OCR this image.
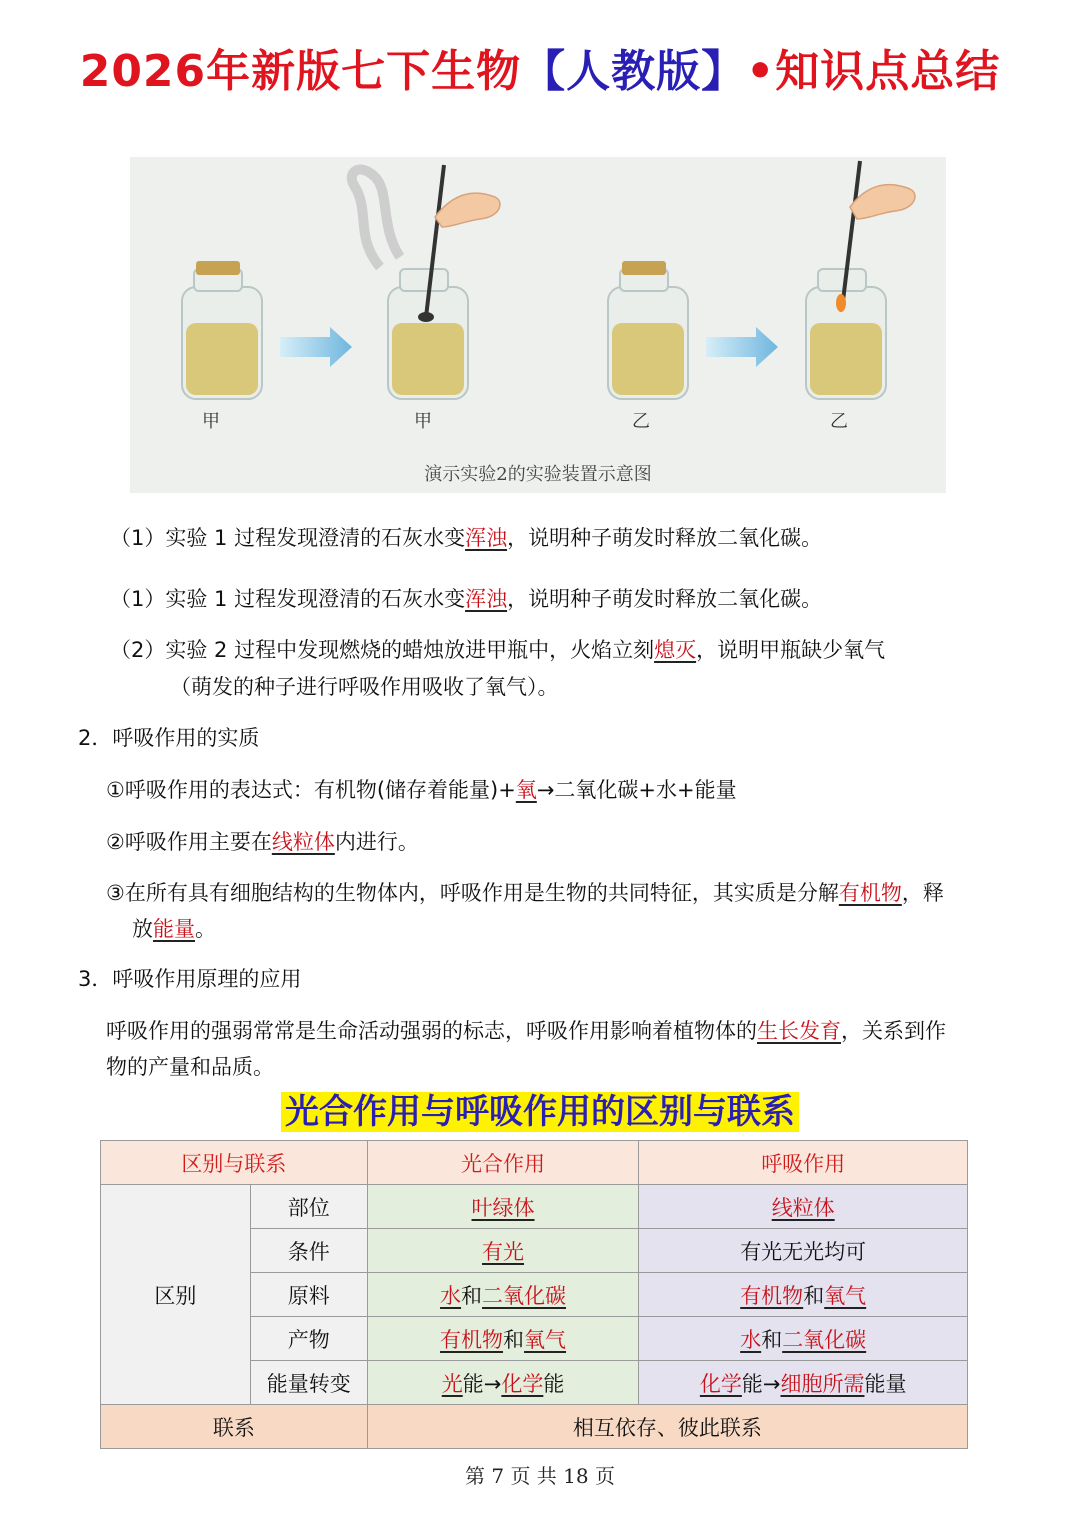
2026年新版七下生物【人教版】•知识点总结
甲	甲	乙	乙
演示实验2的实验装置示意图
（1）实验 1 过程发现澄清的石灰水变浑浊，说明种子萌发时释放二氧化碳。
（1）实验 1 过程发现澄清的石灰水变浑浊，说明种子萌发时释放二氧化碳。
（2）实验 2 过程中发现燃烧的蜡烛放进甲瓶中，火焰立刻熄灭，说明甲瓶缺少氧气
（萌发的种子进行呼吸作用吸收了氧气）。
2．呼吸作用的实质
①呼吸作用的表达式：有机物(储存着能量)+氧→二氧化碳+水+能量
②呼吸作用主要在线粒体内进行。
③在所有具有细胞结构的生物体内，呼吸作用是生物的共同特征，其实质是分解有机物，释
放能量。
3．呼吸作用原理的应用
呼吸作用的强弱常常是生命活动强弱的标志，呼吸作用影响着植物体的生长发育，关系到作
物的产量和品质。
光合作用与呼吸作用的区别与联系
区别与联系		光合作用	呼吸作用
区别	部位	叶绿体	线粒体
	条件	有光	有光无光均可
	原料	水和二氧化碳	有机物和氧气
	产物	有机物和氧气	水和二氧化碳
	能量转变	光能→化学能	化学能→细胞所需能量
联系		相互依存、彼此联系	
第 7 页 共 18 页
